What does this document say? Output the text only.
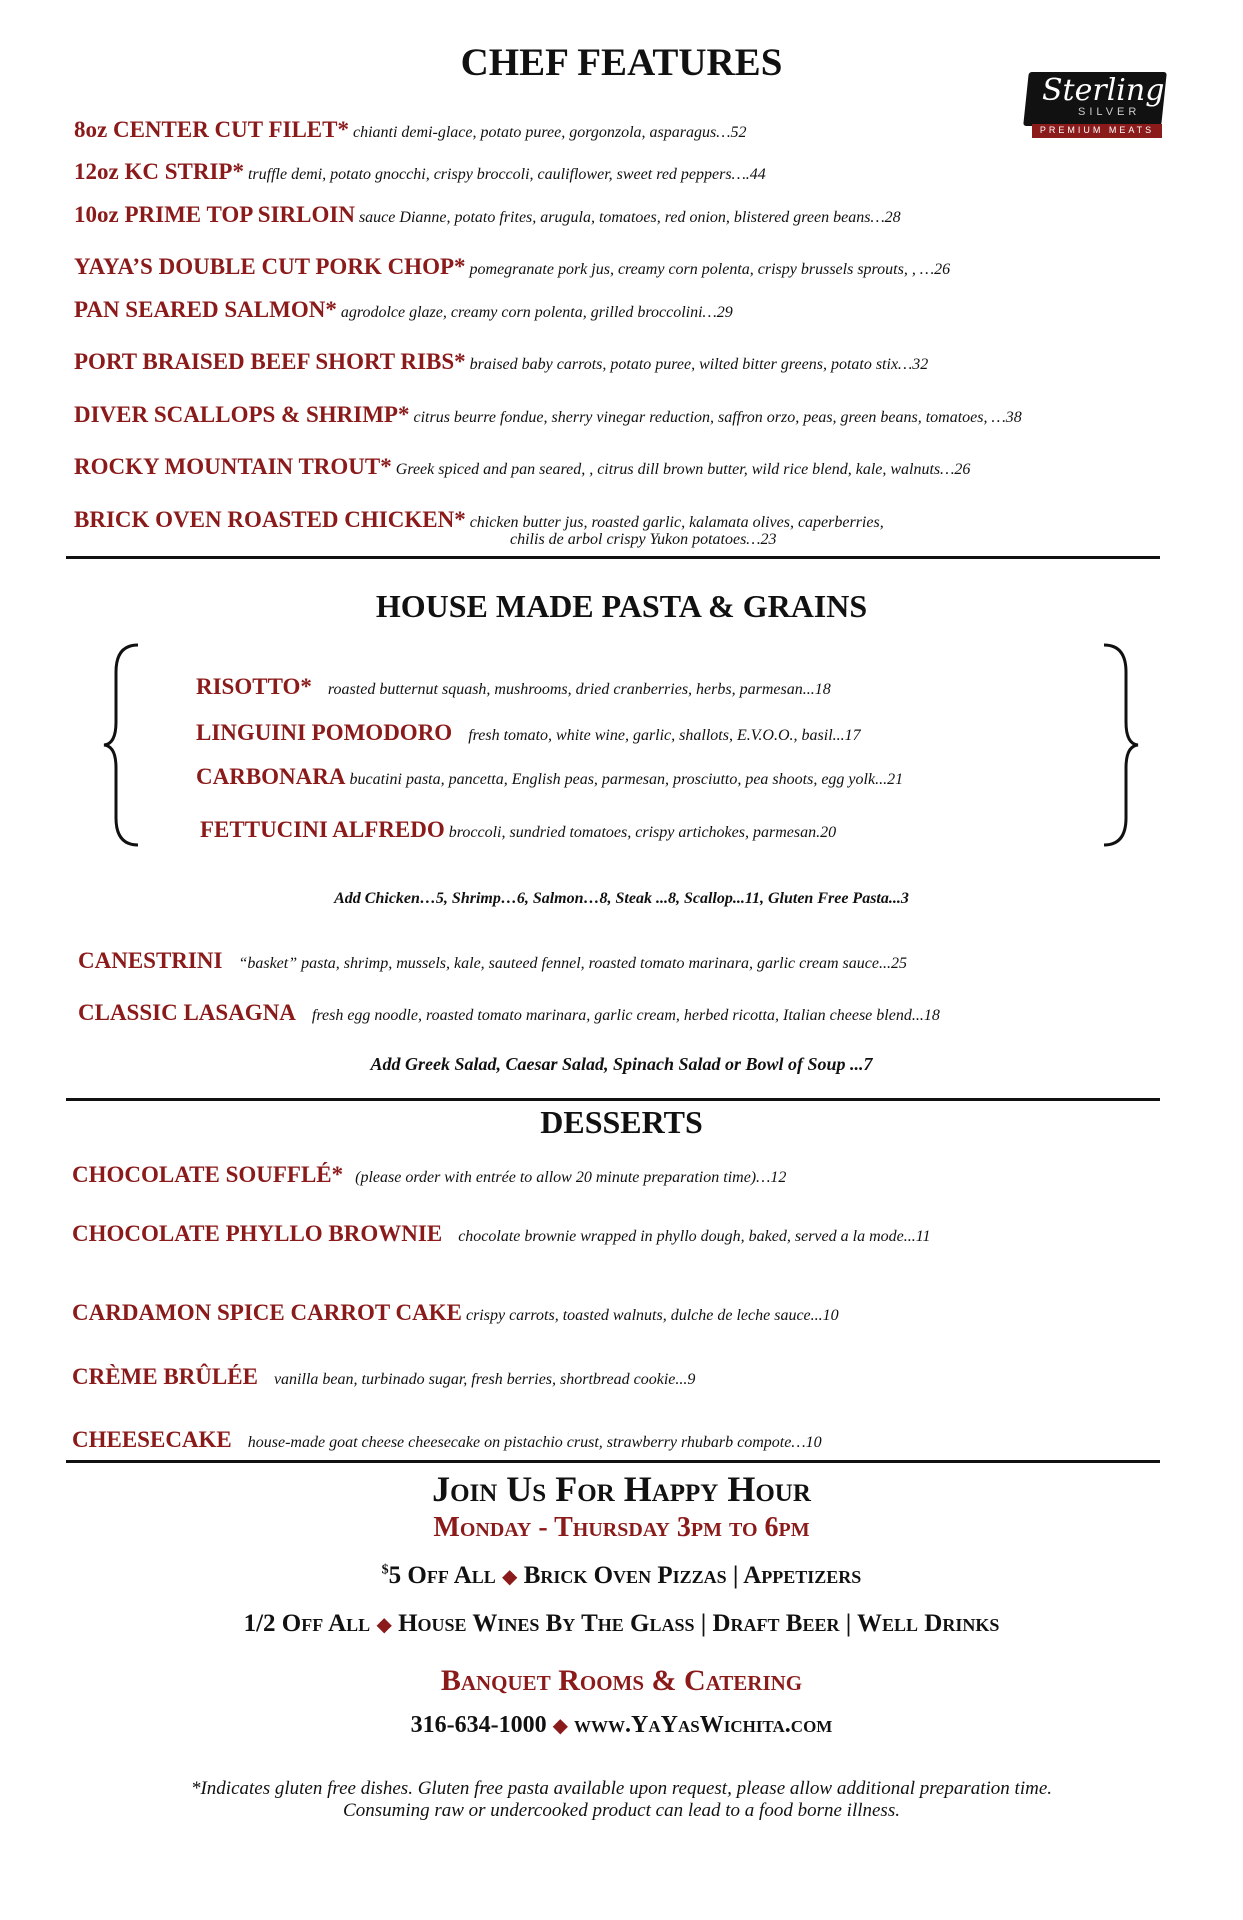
CHEF FEATURES
Sterling
SILVER
PREMIUM MEATS
8oz CENTER CUT FILET* chianti demi-glace, potato puree, gorgonzola, asparagus…52
12oz KC STRIP* truffle demi, potato gnocchi, crispy broccoli, cauliflower, sweet red peppers….44
10oz PRIME TOP SIRLOIN sauce Dianne, potato frites, arugula, tomatoes, red onion, blistered green beans…28
YAYA’S DOUBLE CUT PORK CHOP* pomegranate pork jus, creamy corn polenta, crispy brussels sprouts, , …26
PAN SEARED SALMON* agrodolce glaze, creamy corn polenta, grilled broccolini…29
PORT BRAISED BEEF SHORT RIBS* braised baby carrots, potato puree, wilted bitter greens, potato stix…32
DIVER SCALLOPS & SHRIMP* citrus beurre fondue, sherry vinegar reduction, saffron orzo, peas, green beans, tomatoes, …38
ROCKY MOUNTAIN TROUT* Greek spiced and pan seared, , citrus dill brown butter, wild rice blend, kale, walnuts…26
BRICK OVEN ROASTED CHICKEN* chicken butter jus, roasted garlic, kalamata olives, caperberries,
chilis de arbol crispy Yukon potatoes…23
HOUSE MADE PASTA & GRAINS
RISOTTO* roasted butternut squash, mushrooms, dried cranberries, herbs, parmesan...18
LINGUINI POMODORO fresh tomato, white wine, garlic, shallots, E.V.O.O., basil...17
CARBONARA bucatini pasta, pancetta, English peas, parmesan, prosciutto, pea shoots, egg yolk...21
FETTUCINI ALFREDO broccoli, sundried tomatoes, crispy artichokes, parmesan.20
Add Chicken…5, Shrimp…6, Salmon…8, Steak ...8, Scallop...11, Gluten Free Pasta...3
CANESTRINI “basket” pasta, shrimp, mussels, kale, sauteed fennel, roasted tomato marinara, garlic cream sauce...25
CLASSIC LASAGNA fresh egg noodle, roasted tomato marinara, garlic cream, herbed ricotta, Italian cheese blend...18
Add Greek Salad, Caesar Salad, Spinach Salad or Bowl of Soup ...7
DESSERTS
CHOCOLATE SOUFFLÉ* (please order with entrée to allow 20 minute preparation time)…12
CHOCOLATE PHYLLO BROWNIE chocolate brownie wrapped in phyllo dough, baked, served a la mode...11
CARDAMON SPICE CARROT CAKE crispy carrots, toasted walnuts, dulche de leche sauce...10
CRÈME BRÛLÉE vanilla bean, turbinado sugar, fresh berries, shortbread cookie...9
CHEESECAKE house-made goat cheese cheesecake on pistachio crust, strawberry rhubarb compote…10
Join Us For Happy Hour
Monday - Thursday 3pm to 6pm
$5 Off All ◆ Brick Oven Pizzas | Appetizers
1/2 Off All ◆ House Wines By The Glass | Draft Beer | Well Drinks
Banquet Rooms & Catering
316-634-1000 ◆ www.YaYasWichita.com
*Indicates gluten free dishes. Gluten free pasta available upon request, please allow additional preparation time.
Consuming raw or undercooked product can lead to a food borne illness.
